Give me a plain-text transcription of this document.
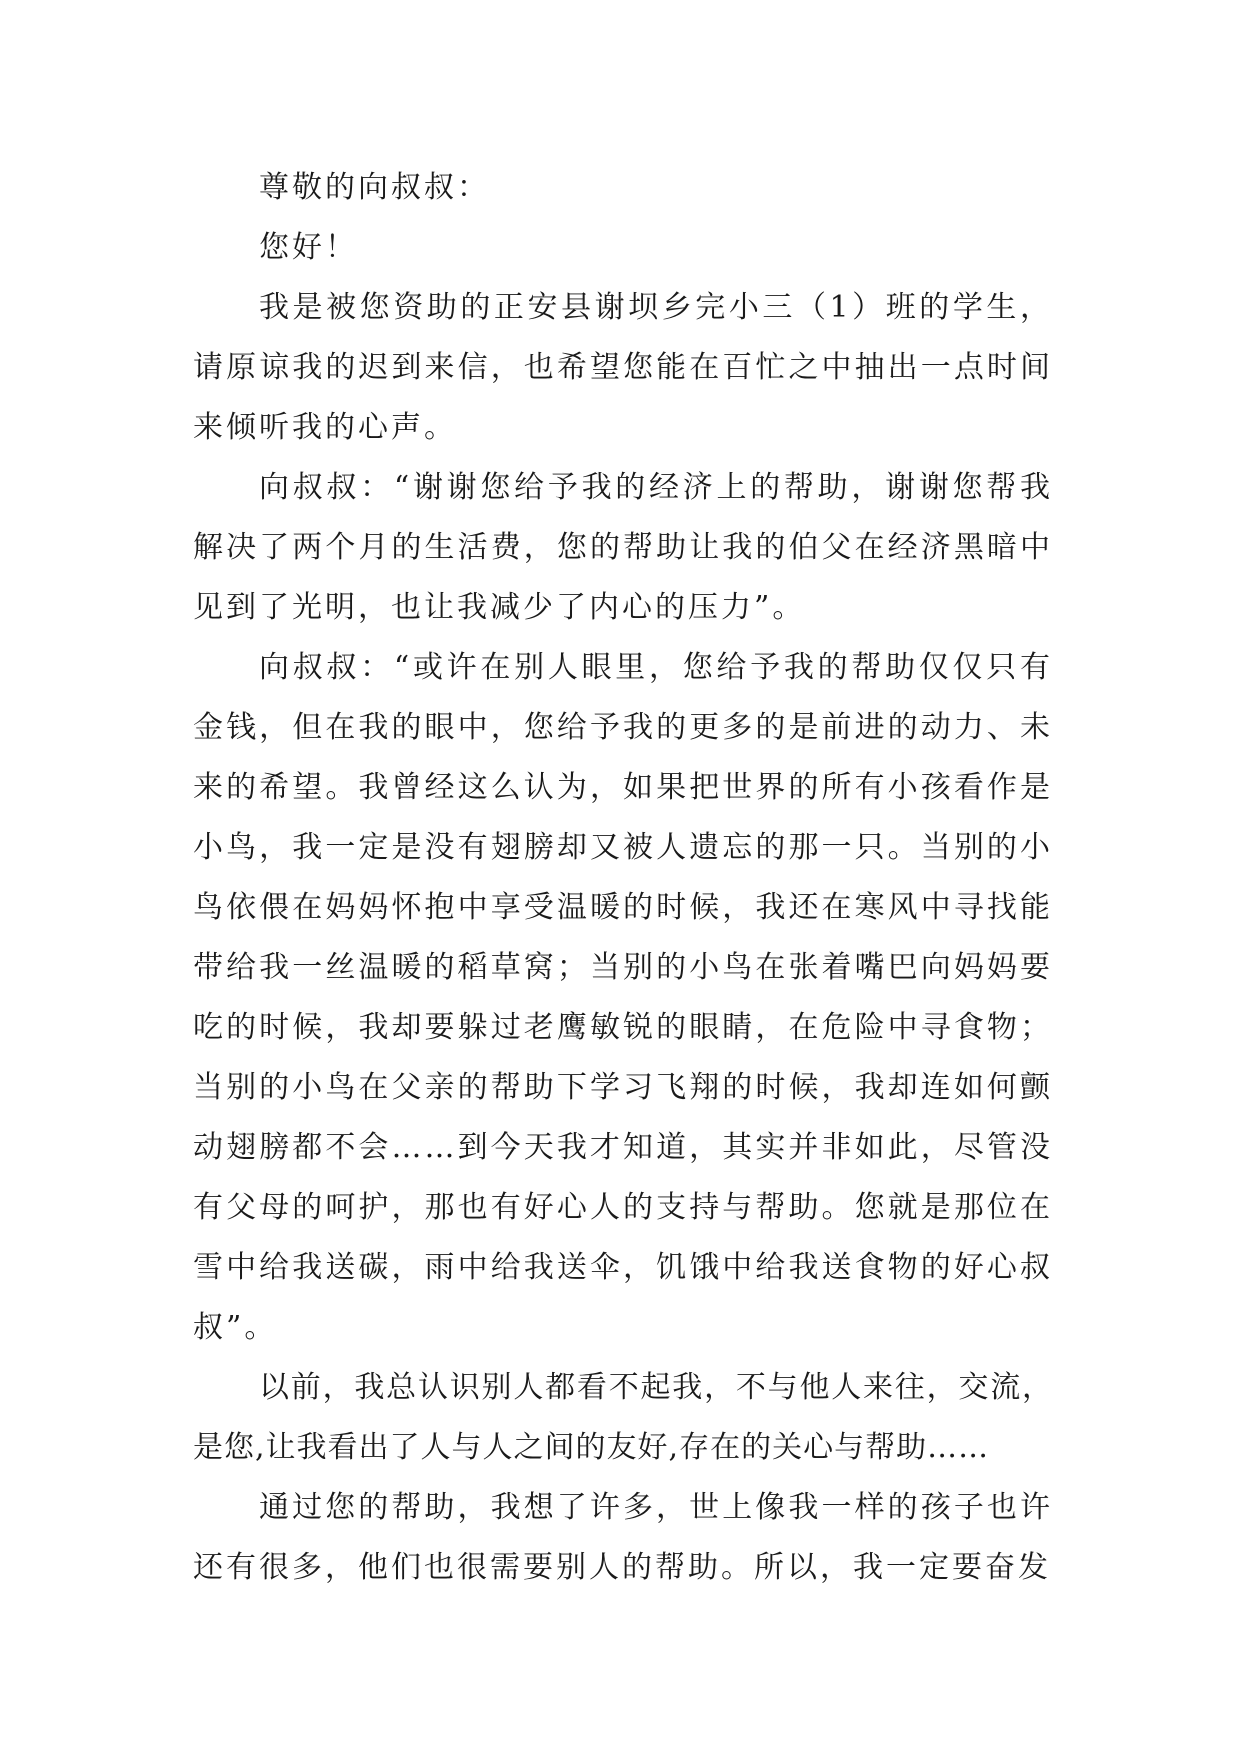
尊敬的向叔叔：

您好！

我是被您资助的正安县谢坝乡完小三（1）班的学生，请原谅我的迟到来信，也希望您能在百忙之中抽出一点时间来倾听我的心声。

向叔叔：“谢谢您给予我的经济上的帮助，谢谢您帮我解决了两个月的生活费，您的帮助让我的伯父在经济黑暗中见到了光明，也让我减少了内心的压力”。

向叔叔：“或许在别人眼里，您给予我的帮助仅仅只有金钱，但在我的眼中，您给予我的更多的是前进的动力、未来的希望。我曾经这么认为，如果把世界的所有小孩看作是小鸟，我一定是没有翅膀却又被人遗忘的那一只。当别的小鸟依偎在妈妈怀抱中享受温暖的时候，我还在寒风中寻找能带给我一丝温暖的稻草窝；当别的小鸟在张着嘴巴向妈妈要吃的时候，我却要躲过老鹰敏锐的眼睛，在危险中寻食物；当别的小鸟在父亲的帮助下学习飞翔的时候，我却连如何颤动翅膀都不会……到今天我才知道，其实并非如此，尽管没有父母的呵护，那也有好心人的支持与帮助。您就是那位在雪中给我送碳，雨中给我送伞，饥饿中给我送食物的好心叔叔”。

以前，我总认识别人都看不起我，不与他人来往，交流，是您,让我看出了人与人之间的友好,存在的关心与帮助……

通过您的帮助，我想了许多，世上像我一样的孩子也许还有很多，他们也很需要别人的帮助。所以，我一定要奋发
